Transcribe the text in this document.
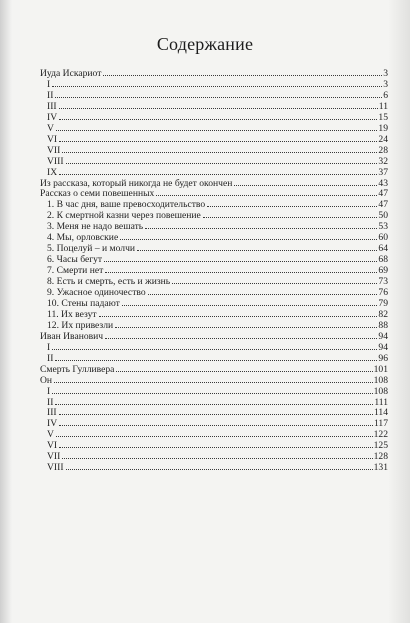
Содержание
Иуда Искариот	3
I	3
II	6
III	11
IV	15
V	19
VI	24
VII	28
VIII	32
IX	37
Из рассказа, который никогда не будет окончен	43
Рассказ о семи повешенных	47
1. В час дня, ваше превосходительство	47
2. К смертной казни через повешение	50
3. Меня не надо вешать	53
4. Мы, орловские	60
5. Поцелуй – и молчи	64
6. Часы бегут	68
7. Смерти нет	69
8. Есть и смерть, есть и жизнь	73
9. Ужасное одиночество	76
10. Стены падают	79
11. Их везут	82
12. Их привезли	88
Иван Иванович	94
I	94
II	96
Смерть Гулливера	101
Он	108
I	108
II	111
III	114
IV	117
V	122
VI	125
VII	128
VIII	131
